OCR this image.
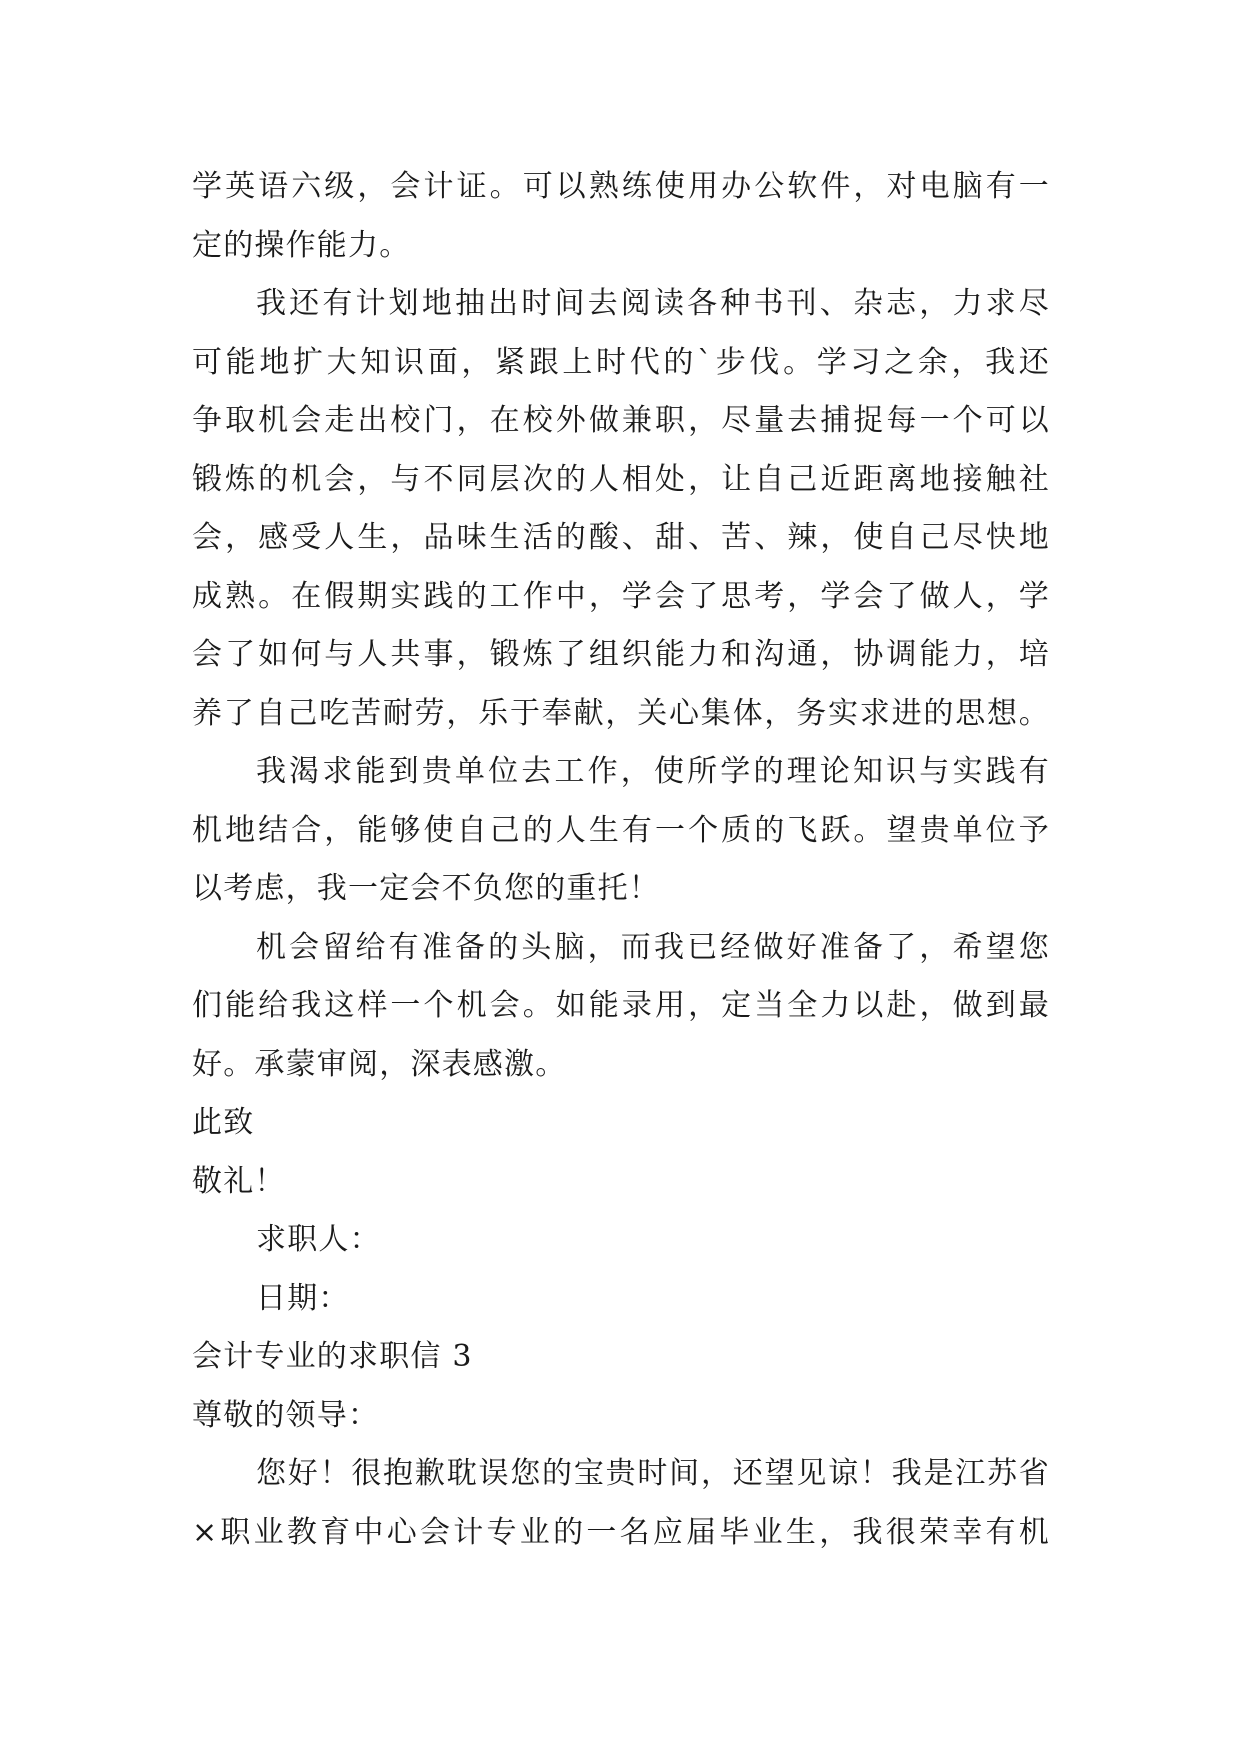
学英语六级，会计证。可以熟练使用办公软件，对电脑有一
定的操作能力。
我还有计划地抽出时间去阅读各种书刊、杂志，力求尽
可能地扩大知识面，紧跟上时代的`步伐。学习之余，我还
争取机会走出校门，在校外做兼职，尽量去捕捉每一个可以
锻炼的机会，与不同层次的人相处，让自己近距离地接触社
会，感受人生，品味生活的酸、甜、苦、辣，使自己尽快地
成熟。在假期实践的工作中，学会了思考，学会了做人，学
会了如何与人共事，锻炼了组织能力和沟通，协调能力，培
养了自己吃苦耐劳，乐于奉献，关心集体，务实求进的思想。
我渴求能到贵单位去工作，使所学的理论知识与实践有
机地结合，能够使自己的人生有一个质的飞跃。望贵单位予
以考虑，我一定会不负您的重托！
机会留给有准备的头脑，而我已经做好准备了，希望您
们能给我这样一个机会。如能录用，定当全力以赴，做到最
好。承蒙审阅，深表感激。
此致
敬礼！
求职人：
日期：
会计专业的求职信 3
尊敬的领导：
您好！很抱歉耽误您的宝贵时间，还望见谅！我是江苏省
×职业教育中心会计专业的一名应届毕业生，我很荣幸有机
